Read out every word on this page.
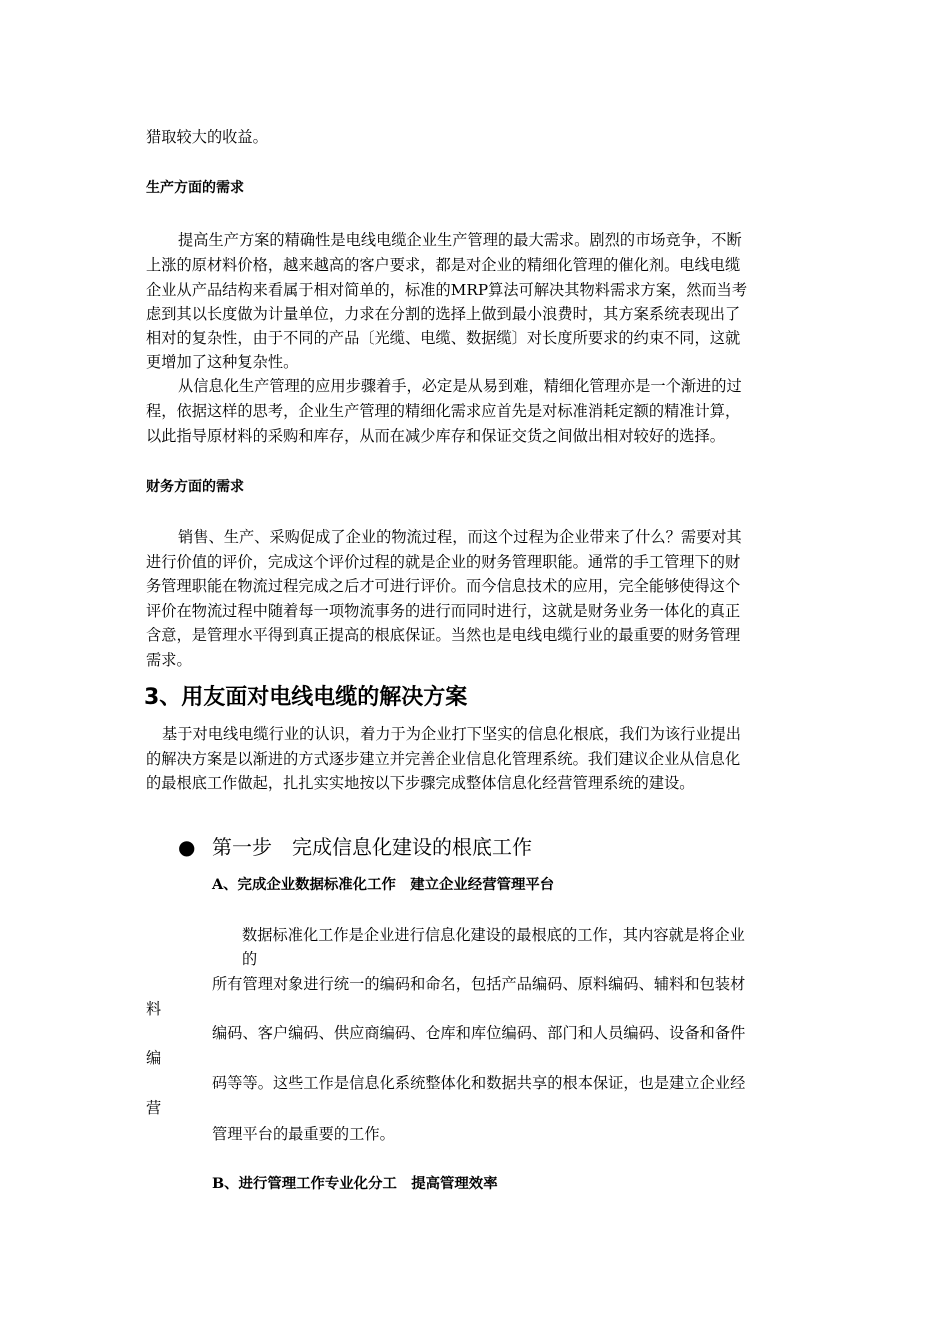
猎取较大的收益。

生产方面的需求

提高生产方案的精确性是电线电缆企业生产管理的最大需求。剧烈的市场竞争，不断

上涨的原材料价格，越来越高的客户要求，都是对企业的精细化管理的催化剂。电线电缆

企业从产品结构来看属于相对简单的，标准的MRP算法可解决其物料需求方案，然而当考

虑到其以长度做为计量单位，力求在分割的选择上做到最小浪费时，其方案系统表现出了

相对的复杂性，由于不同的产品〔光缆、电缆、数据缆〕对长度所要求的约束不同，这就

更增加了这种复杂性。

从信息化生产管理的应用步骤着手，必定是从易到难，精细化管理亦是一个渐进的过

程，依据这样的思考，企业生产管理的精细化需求应首先是对标准消耗定额的精准计算，

以此指导原材料的采购和库存，从而在减少库存和保证交货之间做出相对较好的选择。

财务方面的需求

销售、生产、采购促成了企业的物流过程，而这个过程为企业带来了什么？需要对其

进行价值的评价，完成这个评价过程的就是企业的财务管理职能。通常的手工管理下的财

务管理职能在物流过程完成之后才可进行评价。而今信息技术的应用，完全能够使得这个

评价在物流过程中随着每一项物流事务的进行而同时进行，这就是财务业务一体化的真正

含意，是管理水平得到真正提高的根底保证。当然也是电线电缆行业的最重要的财务管理

需求。

3、用友面对电线电缆的解决方案

基于对电线电缆行业的认识，着力于为企业打下坚实的信息化根底，我们为该行业提出

的解决方案是以渐进的方式逐步建立并完善企业信息化管理系统。我们建议企业从信息化

的最根底工作做起，扎扎实实地按以下步骤完成整体信息化经营管理系统的建设。

● 第一步　完成信息化建设的根底工作

A、完成企业数据标准化工作　建立企业经营管理平台

数据标准化工作是企业进行信息化建设的最根底的工作，其内容就是将企业

的

所有管理对象进行统一的编码和命名，包括产品编码、原料编码、辅料和包装材

料

编码、客户编码、供应商编码、仓库和库位编码、部门和人员编码、设备和备件

编

码等等。这些工作是信息化系统整体化和数据共享的根本保证，也是建立企业经

营

管理平台的最重要的工作。

B、进行管理工作专业化分工　提高管理效率
